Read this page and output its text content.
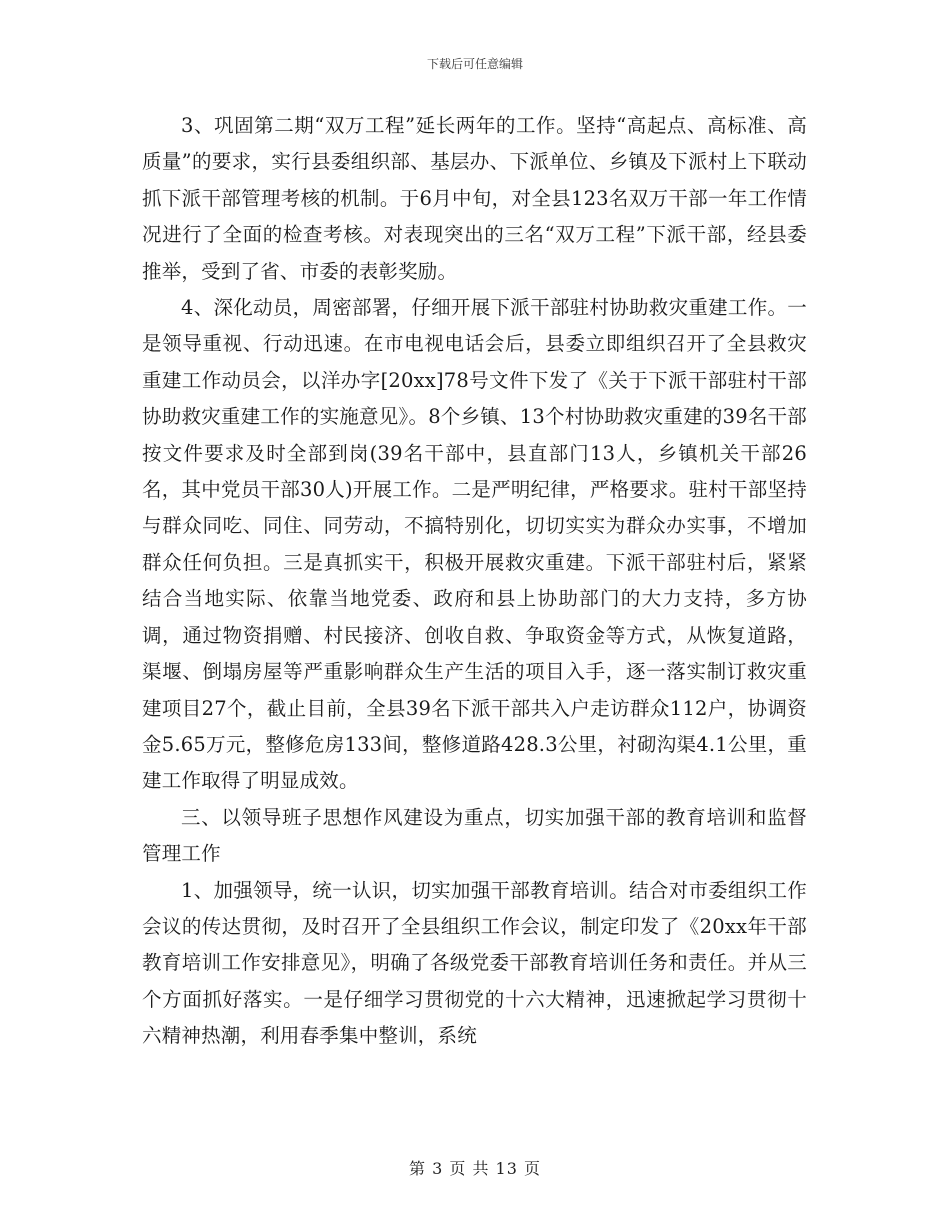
下载后可任意编辑

3、巩固第二期“双万工程”延长两年的工作。坚持“高起点、高标准、高质量”的要求，实行县委组织部、基层办、下派单位、乡镇及下派村上下联动抓下派干部管理考核的机制。于6月中旬，对全县123名双万干部一年工作情况进行了全面的检查考核。对表现突出的三名“双万工程”下派干部，经县委推举，受到了省、市委的表彰奖励。

4、深化动员，周密部署，仔细开展下派干部驻村协助救灾重建工作。一是领导重视、行动迅速。在市电视电话会后，县委立即组织召开了全县救灾重建工作动员会，以洋办字[20xx]78号文件下发了《关于下派干部驻村干部协助救灾重建工作的实施意见》。8个乡镇、13个村协助救灾重建的39名干部按文件要求及时全部到岗(39名干部中，县直部门13人，乡镇机关干部26名，其中党员干部30人)开展工作。二是严明纪律，严格要求。驻村干部坚持与群众同吃、同住、同劳动，不搞特别化，切切实实为群众办实事，不增加群众任何负担。三是真抓实干，积极开展救灾重建。下派干部驻村后，紧紧结合当地实际、依靠当地党委、政府和县上协助部门的大力支持，多方协调，通过物资捐赠、村民接济、创收自救、争取资金等方式，从恢复道路，渠堰、倒塌房屋等严重影响群众生产生活的项目入手，逐一落实制订救灾重建项目27个，截止目前，全县39名下派干部共入户走访群众112户，协调资金5.65万元，整修危房133间，整修道路428.3公里，衬砌沟渠4.1公里，重建工作取得了明显成效。

三、以领导班子思想作风建设为重点，切实加强干部的教育培训和监督管理工作

1、加强领导，统一认识，切实加强干部教育培训。结合对市委组织工作会议的传达贯彻，及时召开了全县组织工作会议，制定印发了《20xx年干部教育培训工作安排意见》，明确了各级党委干部教育培训任务和责任。并从三个方面抓好落实。一是仔细学习贯彻党的十六大精神，迅速掀起学习贯彻十六精神热潮，利用春季集中整训，系统

第 3 页 共 13 页
